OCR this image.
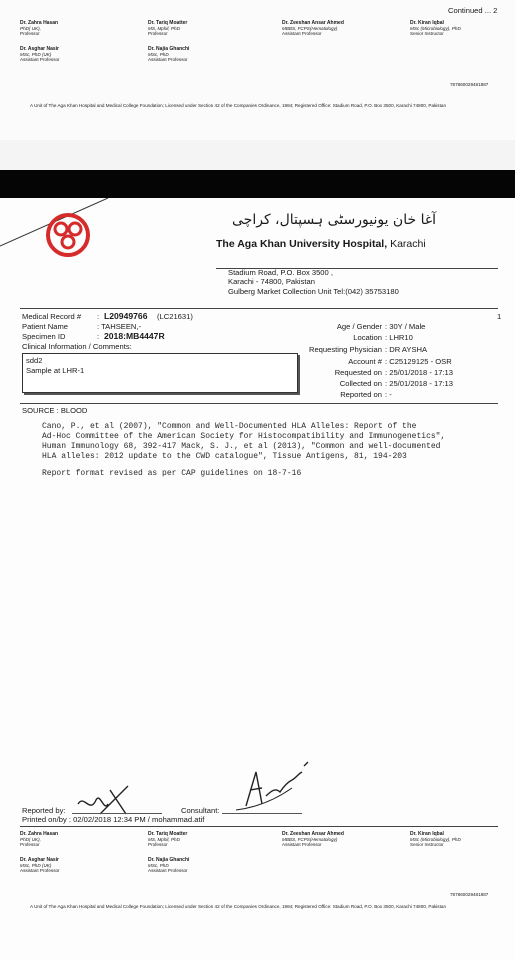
Continued ... 2
Dr. Zahra Hasan
PhD( UK),
Professor
Dr. Tariq Moatter
MS, Mphil, PhD
Professor
Dr. Zeeshan Ansar Ahmed
MBBS, FCPS(Hematology)
Assistant Professor
Dr. Kiran Iqbal
MSc (Microbiology), PhD
Senior Instructor
Dr. Asghar Nasir
MSc, PhD (UK)
Assistant Professor
Dr. Najia Ghanchi
MSc, PhD
Assistant Professor
787860029481887
A Unit of The Aga Khan Hospital and Medical College Foundation; Licensed under Section 42 of the Companies Ordinance, 1984; Registered Office: Stadium Road, P.O. Box 3500, Karachi 74800, Pakistan
آغا خان یونیورسٹی ہسپتال، کراچی
The Aga Khan University Hospital, Karachi
Stadium Road, P.O. Box 3500 ,
Karachi - 74800, Pakistan
Gulberg Market Collection Unit Tel:(042) 35753180
1
Medical Record # : L20949766 (LC21631)
Patient Name	: TAHSEEN,-
Specimen ID	: 2018:MB4447R
Clinical Information / Comments:
sdd2
Sample at LHR-1
Age / Gender : 30Y / Male
Location : LHR10
Requesting Physician : DR AYSHA
Account # : C25129125 - OSR
Requested on : 25/01/2018 - 17:13
Collected on : 25/01/2018 - 17:13
Reported on : -
SOURCE : BLOOD
Cano, P., et al (2007), "Common and Well-Documented HLA Alleles: Report of the
Ad-Hoc Committee of the American Society for Histocompatibility and Immunogenetics",
Human Immunology 68, 392-417 Mack, S. J., et al (2013), "Common and well-documented
HLA alleles: 2012 update to the CWD catalogue", Tissue Antigens, 81, 194-203
Report format revised as per CAP guidelines on 18-7-16
Reported by:	Consultant:
Printed on/by : 02/02/2018 12:34 PM / mohammad.atif
Dr. Zahra Hasan
PhD( UK),
Professor
Dr. Tariq Moatter
MS, Mphil, PhD
Professor
Dr. Zeeshan Ansar Ahmed
MBBS, FCPS(Hematology)
Assistant Professor
Dr. Kiran Iqbal
MSc (Microbiology), PhD
Senior Instructor
Dr. Asghar Nasir
MSc, PhD (UK)
Assistant Professor
Dr. Najia Ghanchi
MSc, PhD
Assistant Professor
787860029481887
A Unit of The Aga Khan Hospital and Medical College Foundation; Licensed under Section 42 of the Companies Ordinance, 1984; Registered Office: Stadium Road, P.O. Box 3500, Karachi 74800, Pakistan
